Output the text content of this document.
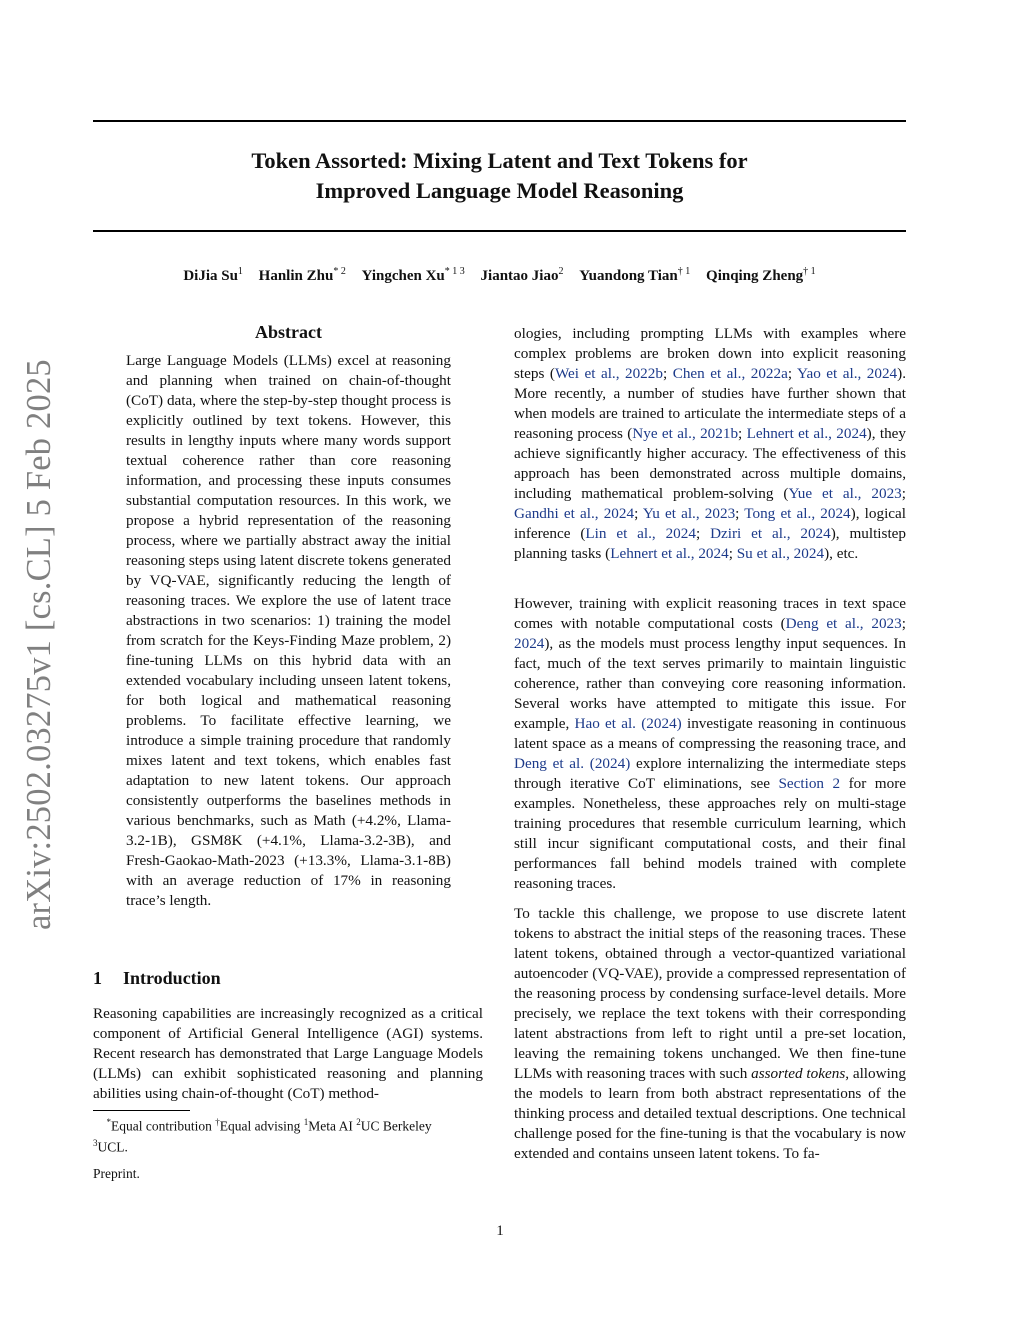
Token Assorted: Mixing Latent and Text Tokens for
Improved Language Model Reasoning
DiJia Su$^1$ Hanlin Zhu$^{* 2}$ Yingchen $Xu^{* 1 3}$ Jiantao Jiao$^2$ Yuandong Tian$^{\dagger 1}$ Qinqing Zheng$^{\dagger 1}$
arXiv:2502.03275v1 [cs.CL] 5 Feb 2025
Abstract

Large Language Models (LLMs) excel at reasoning and planning when trained on chain-of-thought (CoT) data, where the step-by-step thought process is explicitly outlined by text tokens. However, this results in lengthy inputs where many words support textual coherence rather than core reasoning information, and processing these inputs consumes substantial computation resources. In this work, we propose a hybrid representation of the reasoning process, where we partially abstract away the initial reasoning steps using latent discrete tokens generated by VQ-VAE, significantly reducing the length of reasoning traces. We explore the use of latent trace abstractions in two scenarios: 1) training the model from scratch for the Keys-Finding Maze problem, 2) fine-tuning LLMs on this hybrid data with an extended vocabulary including unseen latent tokens, for both logical and mathematical reasoning problems. To facilitate effective learning, we introduce a simple training procedure that randomly mixes latent and text tokens, which enables fast adaptation to new latent tokens. Our approach consistently outperforms the baselines methods in various benchmarks, such as Math (+4.2%, Llama-3.2-1B), GSM8K (+4.1%, Llama-3.2-3B), and Fresh-Gaokao-Math-2023 (+13.3%, Llama-3.1-8B) with an average reduction of 17% in reasoning trace’s length.

1 Introduction

Reasoning capabilities are increasingly recognized as a critical component of Artificial General Intelligence (AGI) systems. Recent research has demonstrated that Large Language Models (LLMs) can exhibit sophisticated reasoning and planning abilities using chain-of-thought (CoT) method-

*Equal contribution †Equal advising $^1$Meta AI $^2$UC Berkeley
$^3$UCL.

Preprint.

ologies, including prompting LLMs with examples where complex problems are broken down into explicit reasoning steps (Wei et al., 2022b; Chen et al., 2022a; Yao et al., 2024). More recently, a number of studies have further shown that when models are trained to articulate the intermediate steps of a reasoning process (Nye et al., 2021b; Lehnert et al., 2024), they achieve significantly higher accuracy. The effectiveness of this approach has been demonstrated across multiple domains, including mathematical problem-solving (Yue et al., 2023; Gandhi et al., 2024; Yu et al., 2023; Tong et al., 2024), logical inference (Lin et al., 2024; Dziri et al., 2024), multistep planning tasks (Lehnert et al., 2024; Su et al., 2024), etc.

However, training with explicit reasoning traces in text space comes with notable computational costs (Deng et al., 2023; 2024), as the models must process lengthy input sequences. In fact, much of the text serves primarily to maintain linguistic coherence, rather than conveying core reasoning information. Several works have attempted to mitigate this issue. For example, Hao et al. (2024) investigate reasoning in continuous latent space as a means of compressing the reasoning trace, and Deng et al. (2024) explore internalizing the intermediate steps through iterative CoT eliminations, see Section 2 for more examples. Nonetheless, these approaches rely on multi-stage training procedures that resemble curriculum learning, which still incur significant computational costs, and their final performances fall behind models trained with complete reasoning traces.

To tackle this challenge, we propose to use discrete latent tokens to abstract the initial steps of the reasoning traces. These latent tokens, obtained through a vector-quantized variational autoencoder (VQ-VAE), provide a compressed representation of the reasoning process by condensing surface-level details. More precisely, we replace the text tokens with their corresponding latent abstractions from left to right until a pre-set location, leaving the remaining tokens unchanged. We then fine-tune LLMs with reasoning traces with such assorted tokens, allowing the models to learn from both abstract representations of the thinking process and detailed textual descriptions. One technical challenge posed for the fine-tuning is that the vocabulary is now extended and contains unseen latent tokens. To fa-

1
